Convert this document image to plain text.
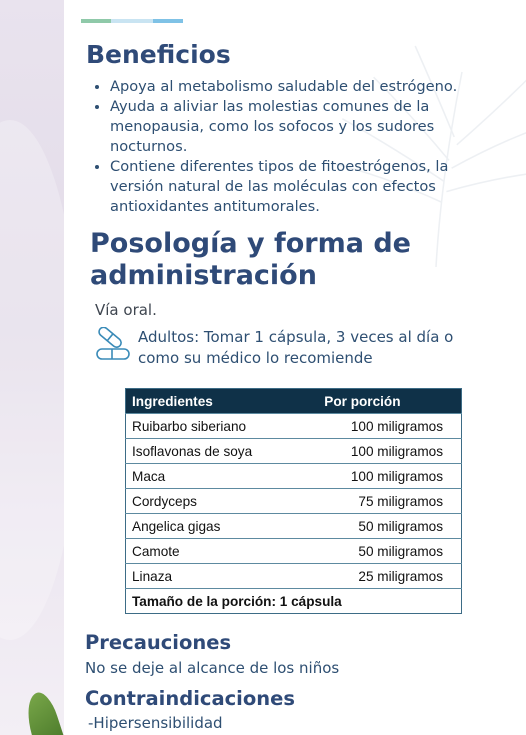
Beneficios
• Apoya al metabolismo saludable del estrógeno.
• Ayuda a aliviar las molestias comunes de la menopausia, como los sofocos y los sudores nocturnos.
• Contiene diferentes tipos de fitoestrógenos, la versión natural de las moléculas con efectos antioxidantes antitumorales.
Posología y forma de administración
Vía oral.
Adultos: Tomar 1 cápsula, 3 veces al día o como su médico lo recomiende
Ingredientes	Por porción
Ruibarbo siberiano	100 miligramos
Isoflavonas de soya	100 miligramos
Maca	100 miligramos
Cordyceps	75 miligramos
Angelica gigas	50 miligramos
Camote	50 miligramos
Linaza	25 miligramos
Tamaño de la porción: 1 cápsula	
Precauciones
No se deje al alcance de los niños
Contraindicaciones
-Hipersensibilidad
